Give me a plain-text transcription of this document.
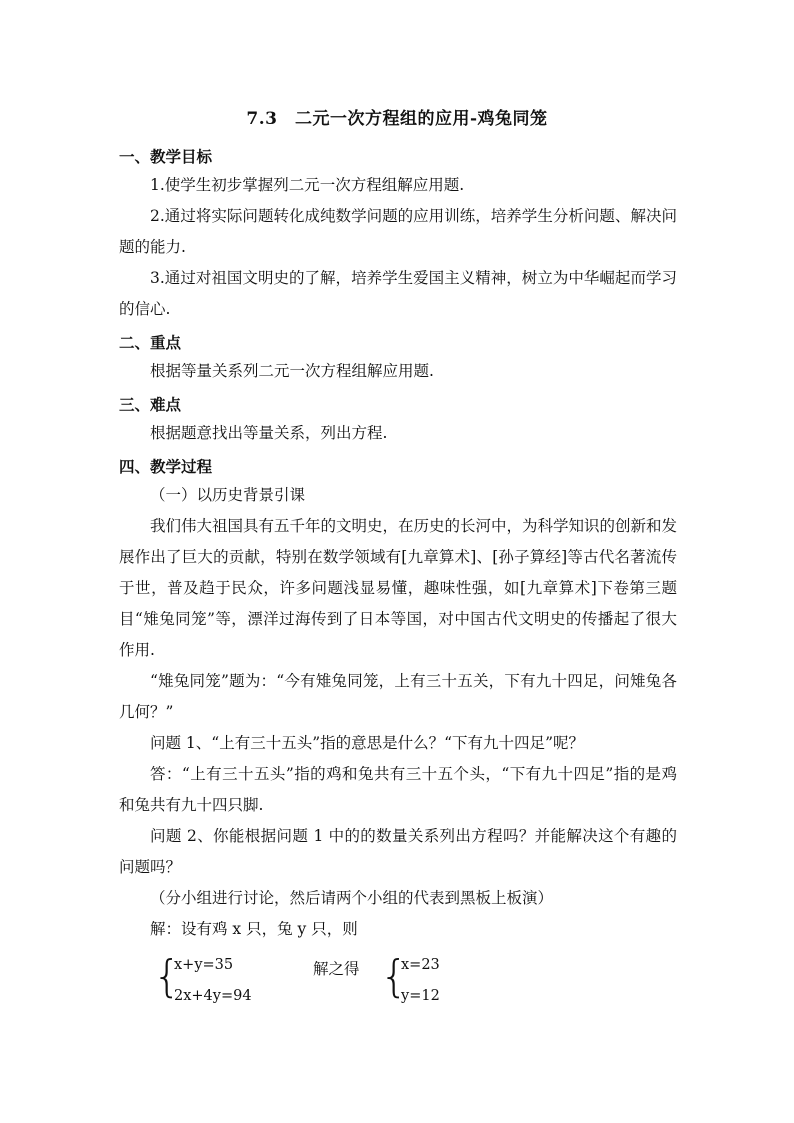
7.3　二元一次方程组的应用-鸡兔同笼
一、教学目标
1.使学生初步掌握列二元一次方程组解应用题.
2.通过将实际问题转化成纯数学问题的应用训练，培养学生分析问题、解决问题的能力.
3.通过对祖国文明史的了解，培养学生爱国主义精神，树立为中华崛起而学习的信心.
二、重点
根据等量关系列二元一次方程组解应用题.
三、难点
根据题意找出等量关系，列出方程.
四、教学过程
（一）以历史背景引课
我们伟大祖国具有五千年的文明史，在历史的长河中，为科学知识的创新和发展作出了巨大的贡献，特别在数学领域有[九章算术]、[孙子算经]等古代名著流传于世，普及趋于民众，许多问题浅显易懂，趣味性强，如[九章算术]下卷第三题目“雉兔同笼”等，漂洋过海传到了日本等国，对中国古代文明史的传播起了很大作用.
“雉兔同笼”题为：“今有雉兔同笼，上有三十五关，下有九十四足，问雉兔各几何？”
问题 1、“上有三十五头”指的意思是什么？“下有九十四足”呢？
答：“上有三十五头”指的鸡和兔共有三十五个头，“下有九十四足”指的是鸡和兔共有九十四只脚.
问题 2、你能根据问题 1 中的的数量关系列出方程吗？并能解决这个有趣的问题吗？
（分小组进行讨论，然后请两个小组的代表到黑板上板演）
解：设有鸡 x 只，兔 y 只，则
{
x+y=35
2x+4y=94
解之得 {
x=23
y=12
